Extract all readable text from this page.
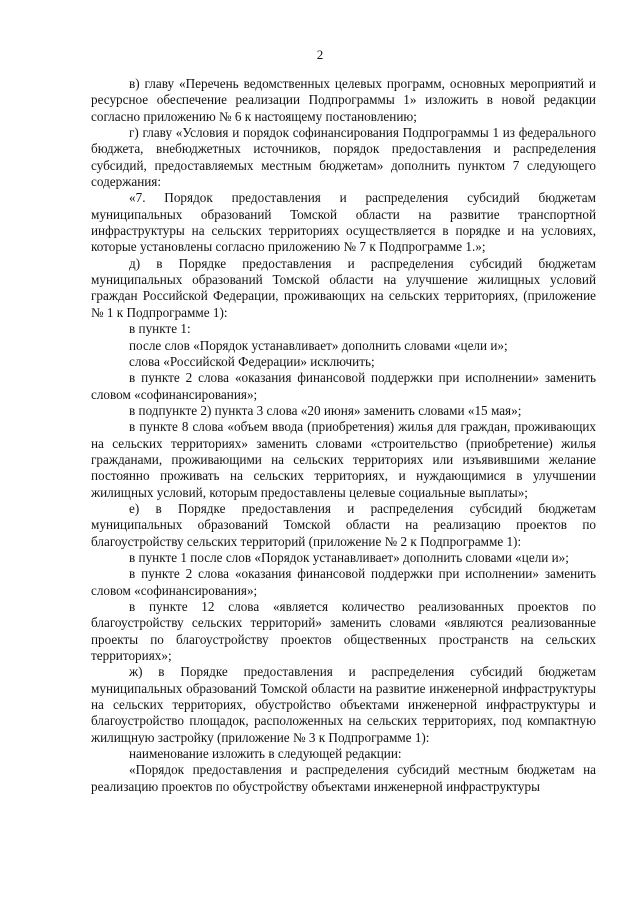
2

в) главу «Перечень ведомственных целевых программ, основных мероприятий и ресурсное обеспечение реализации Подпрограммы 1» изложить в новой редакции согласно приложению № 6 к настоящему постановлению;

г) главу «Условия и порядок софинансирования Подпрограммы 1 из федерального бюджета, внебюджетных источников, порядок предоставления и распределения субсидий, предоставляемых местным бюджетам» дополнить пунктом 7 следующего содержания:

«7. Порядок предоставления и распределения субсидий бюджетам муниципальных образований Томской области на развитие транспортной инфраструктуры на сельских территориях осуществляется в порядке и на условиях, которые установлены согласно приложению № 7 к Подпрограмме 1.»;

д) в Порядке предоставления и распределения субсидий бюджетам муниципальных образований Томской области на улучшение жилищных условий граждан Российской Федерации, проживающих на сельских территориях, (приложение № 1 к Подпрограмме 1):

в пункте 1:

после слов «Порядок устанавливает» дополнить словами «цели и»;

слова «Российской Федерации» исключить;

в пункте 2 слова «оказания финансовой поддержки при исполнении» заменить словом «софинансирования»;

в подпункте 2) пункта 3 слова «20 июня» заменить словами «15 мая»;

в пункте 8 слова «объем ввода (приобретения) жилья для граждан, проживающих на сельских территориях» заменить словами «строительство (приобретение) жилья гражданами, проживающими на сельских территориях или изъявившими желание постоянно проживать на сельских территориях, и нуждающимися в улучшении жилищных условий, которым предоставлены целевые социальные выплаты»;

е) в Порядке предоставления и распределения субсидий бюджетам муниципальных образований Томской области на реализацию проектов по благоустройству сельских территорий (приложение № 2 к Подпрограмме 1):

в пункте 1 после слов «Порядок устанавливает» дополнить словами «цели и»;

в пункте 2 слова «оказания финансовой поддержки при исполнении» заменить словом «софинансирования»;

в пункте 12 слова «является количество реализованных проектов по благоустройству сельских территорий» заменить словами «являются реализованные проекты по благоустройству проектов общественных пространств на сельских территориях»;

ж) в Порядке предоставления и распределения субсидий бюджетам муниципальных образований Томской области на развитие инженерной инфраструктуры на сельских территориях, обустройство объектами инженерной инфраструктуры и благоустройство площадок, расположенных на сельских территориях, под компактную жилищную застройку (приложение № 3 к Подпрограмме 1):

наименование изложить в следующей редакции:

«Порядок предоставления и распределения субсидий местным бюджетам на реализацию проектов по обустройству объектами инженерной инфраструктуры
